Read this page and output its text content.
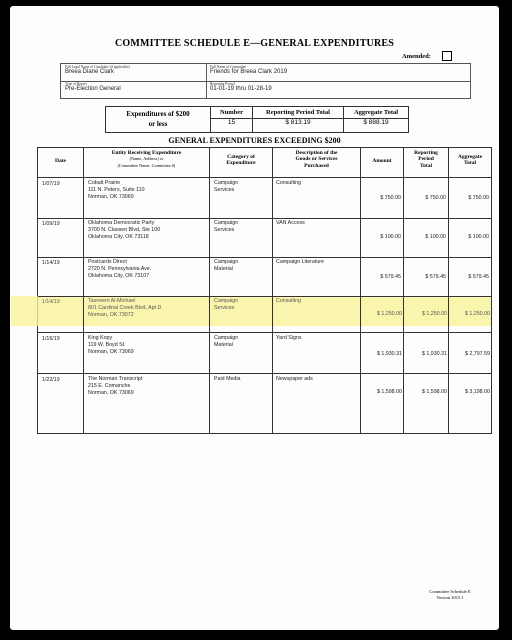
COMMITTEE SCHEDULE E—GENERAL EXPENDITURES
Amended:
Full Legal Name of Candidate (if applicable)
Breea Diane Clark
Full Name of Committee
Friends for Breea Clark 2019
Type of Report
Pre-Election General
Reporting Period
01-01-19 thru 01-28-19
Expenditures of $200
or less
Number
15
Reporting Period Total
$ 813.19
Aggregate Total
$ 888.19
GENERAL EXPENDITURES EXCEEDING $200
Date
Entity Receiving Expenditure
[Name, Address] or
[Committee Name, Committee #]
Category of
Expenditure
Description of the
Goods or Services
Purchased
Amount
Reporting
Period
Total
Aggregate
Total
1/07/19	Cobalt Prairie
111 N. Peters, Suite 110
Norman, OK 73069
Campaign
Services
Consulting
$ 750.00	$ 750.00	$ 750.00
1/09/19	Oklahoma Democratic Party
3700 N. Classen Blvd, Ste 100
Oklahoma City, OK 73118
Campaign
Services
VAN Access
$ 100.00	$ 100.00	$ 100.00
1/14/19	Postcards Direct
2720 N. Pennsylvania Ave.
Oklahoma City, OK 73107
Campaign
Material
Campaign Literature
$ 579.45	$ 579.45	$ 579.45
1/14/19	Tasneem Al-Michael
801 Cardinal Creek Blvd, Apt D
Norman, OK 73072
Campaign
Services
Consulting
$ 1,250.00	$ 1,250.00	$ 1,250.00
1/16/19	King Kopy
119 W. Boyd St.
Norman, OK 73069
Campaign
Material
Yard Signs
$ 1,930.31	$ 1,930.31	$ 2,797.59
1/22/19	The Norman Transcript
215 E. Comanche
Norman, OK 73069
Paid Media	Newspaper ads
$ 1,598.00	$ 1,598.00	$ 3,198.00
Committee Schedule E
Version 2015.1
